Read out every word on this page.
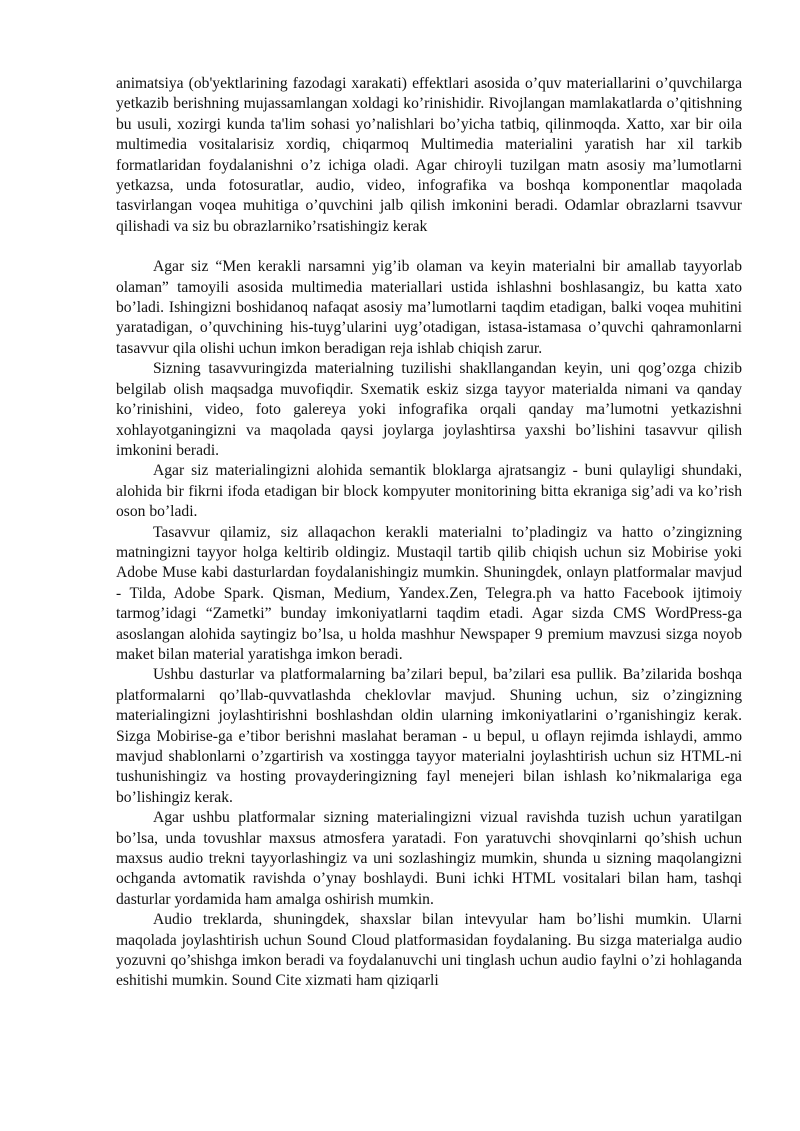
animatsiya (ob'yektlarining fazodagi xarakati) effektlari asosida o’quv materiallarini o’quvchilarga yetkazib berishning mujassamlangan xoldagi ko’rinishidir. Rivojlangan mamlakatlarda o’qitishning bu usuli, xozirgi kunda ta'lim sohasi yo’nalishlari bo’yicha tatbiq, qilinmoqda. Xatto, xar bir oila multimedia vositalarisiz xordiq, chiqarmoq Multimedia materialini yaratish har xil tarkib formatlaridan foydalanishni o’z ichiga oladi. Agar chiroyli tuzilgan matn asosiy ma’lumotlarni yetkazsa, unda fotosuratlar, audio, video, infografika va boshqa komponentlar maqolada tasvirlangan voqea muhitiga o’quvchini jalb qilish imkonini beradi. Odamlar obrazlarni tsavvur qilishadi va siz bu obrazlarniko’rsatishingiz kerak

Agar siz “Men kerakli narsamni yig’ib olaman va keyin materialni bir amallab tayyorlab olaman” tamoyili asosida multimedia materiallari ustida ishlashni boshlasangiz, bu katta xato bo’ladi. Ishingizni boshidanoq nafaqat asosiy ma’lumotlarni taqdim etadigan, balki voqea muhitini yaratadigan, o’quvchining his-tuyg’ularini uyg’otadigan, istasa-istamasa o’quvchi qahramonlarni tasavvur qila olishi uchun imkon beradigan reja ishlab chiqish zarur.

Sizning tasavvuringizda materialning tuzilishi shakllangandan keyin, uni qog’ozga chizib belgilab olish maqsadga muvofiqdir. Sxematik eskiz sizga tayyor materialda nimani va qanday ko’rinishini, video, foto galereya yoki infografika orqali qanday ma’lumotni yetkazishni xohlayotganingizni va maqolada qaysi joylarga joylashtirsa yaxshi bo’lishini tasavvur qilish imkonini beradi.

Agar siz materialingizni alohida semantik bloklarga ajratsangiz - buni qulayligi shundaki, alohida bir fikrni ifoda etadigan bir block kompyuter monitorining bitta ekraniga sig’adi va ko’rish oson bo’ladi.

Tasavvur qilamiz, siz allaqachon kerakli materialni to’pladingiz va hatto o’zingizning matningizni tayyor holga keltirib oldingiz. Mustaqil tartib qilib chiqish uchun siz Mobirise yoki Adobe Muse kabi dasturlardan foydalanishingiz mumkin. Shuningdek, onlayn platformalar mavjud - Tilda, Adobe Spark. Qisman, Medium, Yandex.Zen, Telegra.ph va hatto Facebook ijtimoiy tarmog’idagi “Zametki” bunday imkoniyatlarni taqdim etadi. Agar sizda CMS WordPress-ga asoslangan alohida saytingiz bo’lsa, u holda mashhur Newspaper 9 premium mavzusi sizga noyob maket bilan material yaratishga imkon beradi.

Ushbu dasturlar va platformalarning ba’zilari bepul, ba’zilari esa pullik. Ba’zilarida boshqa platformalarni qo’llab-quvvatlashda cheklovlar mavjud. Shuning uchun, siz o’zingizning materialingizni joylashtirishni boshlashdan oldin ularning imkoniyatlarini o’rganishingiz kerak. Sizga Mobirise-ga e’tibor berishni maslahat beraman - u bepul, u oflayn rejimda ishlaydi, ammo mavjud shablonlarni o’zgartirish va xostingga tayyor materialni joylashtirish uchun siz HTML-ni tushunishingiz va hosting provayderingizning fayl menejeri bilan ishlash ko’nikmalariga ega bo’lishingiz kerak.

Agar ushbu platformalar sizning materialingizni vizual ravishda tuzish uchun yaratilgan bo’lsa, unda tovushlar maxsus atmosfera yaratadi. Fon yaratuvchi shovqinlarni qo’shish uchun maxsus audio trekni tayyorlashingiz va uni sozlashingiz mumkin, shunda u sizning maqolangizni ochganda avtomatik ravishda o’ynay boshlaydi. Buni ichki HTML vositalari bilan ham, tashqi dasturlar yordamida ham amalga oshirish mumkin.

Audio treklarda, shuningdek, shaxslar bilan intevyular ham bo’lishi mumkin. Ularni maqolada joylashtirish uchun Sound Cloud platformasidan foydalaning. Bu sizga materialga audio yozuvni qo’shishga imkon beradi va foydalanuvchi uni tinglash uchun audio faylni o’zi hohlaganda eshitishi mumkin. Sound Cite xizmati ham qiziqarli
